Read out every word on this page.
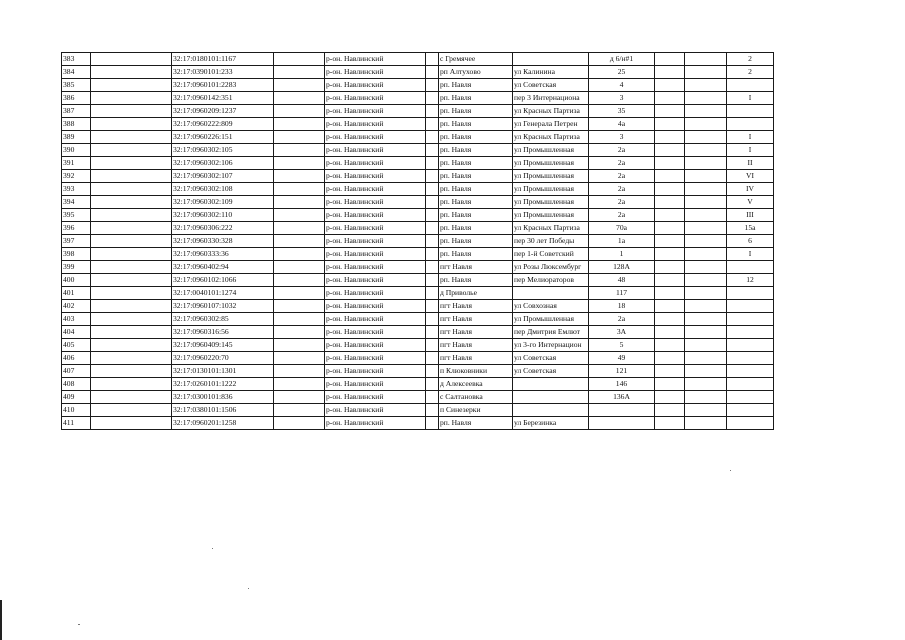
383		32:17:0180101:1167		р-он. Навлинский		с Гремячее		д 6/н#1			2
384		32:17:0390101:233		р-он. Навлинский		рп Алтухово	ул Калинина	25			2
385		32:17:0960101:2283		р-он. Навлинский		рп. Навля	ул Советская	4			
386		32:17:0960142:351		р-он. Навлинский		рп. Навля	пер 3 Интернациона	3			I
387		32:17:0960209:1237		р-он. Навлинский		рп. Навля	ул Красных Партиза	35			
388		32:17:0960222:809		р-он. Навлинский		рп. Навля	ул Генерала Петрен	4а			
389		32:17:0960226:151		р-он. Навлинский		рп. Навля	ул Красных Партиза	3			I
390		32:17:0960302:105		р-он. Навлинский		рп. Навля	ул Промышленная	2а			I
391		32:17:0960302:106		р-он. Навлинский		рп. Навля	ул Промышленная	2а			II
392		32:17:0960302:107		р-он. Навлинский		рп. Навля	ул Промышленная	2а			VI
393		32:17:0960302:108		р-он. Навлинский		рп. Навля	ул Промышленная	2а			IV
394		32:17:0960302:109		р-он. Навлинский		рп. Навля	ул Промышленная	2а			V
395		32:17:0960302:110		р-он. Навлинский		рп. Навля	ул Промышленная	2а			III
396		32:17:0960306:222		р-он. Навлинский		рп. Навля	ул Красных Партиза	70а			15а
397		32:17:0960330:328		р-он. Навлинский		рп. Навля	пер 30 лет Победы	1а			6
398		32:17:0960333:36		р-он. Навлинский		рп. Навля	пер 1-й Советский	1			I
399		32:17:0960402:94		р-он. Навлинский		пгт Навля	ул Розы Люксембург	128А			
400		32:17:0960102:1066		р-он. Навлинский		рп. Навля	пер Мелиораторов	48			12
401		32:17:0040101:1274		р-он. Навлинский		д Приволье		117			
402		32:17:0960107:1032		р-он. Навлинский		пгт Навля	ул Совхозная	18			
403		32:17:0960302:85		р-он. Навлинский		пгт Навля	ул Промышленная	2а			
404		32:17:0960316:56		р-он. Навлинский		пгт Навля	пер Дмитрия Емлют	3А			
405		32:17:0960409:145		р-он. Навлинский		пгт Навля	ул 3-го Интернацион	5			
406		32:17:0960220:70		р-он. Навлинский		пгт Навля	ул Советская	49			
407		32:17:0130101:1301		р-он. Навлинский		п Клюковники	ул Советская	121			
408		32:17:0260101:1222		р-он. Навлинский		д Алексеевка		146			
409		32:17:0300101:836		р-он. Навлинский		с Салтановка		136А			
410		32:17:0380101:1506		р-он. Навлинский		п Синезерки					
411		32:17:0960201:1258		р-он. Навлинский		рп. Навля	ул Березинка				
